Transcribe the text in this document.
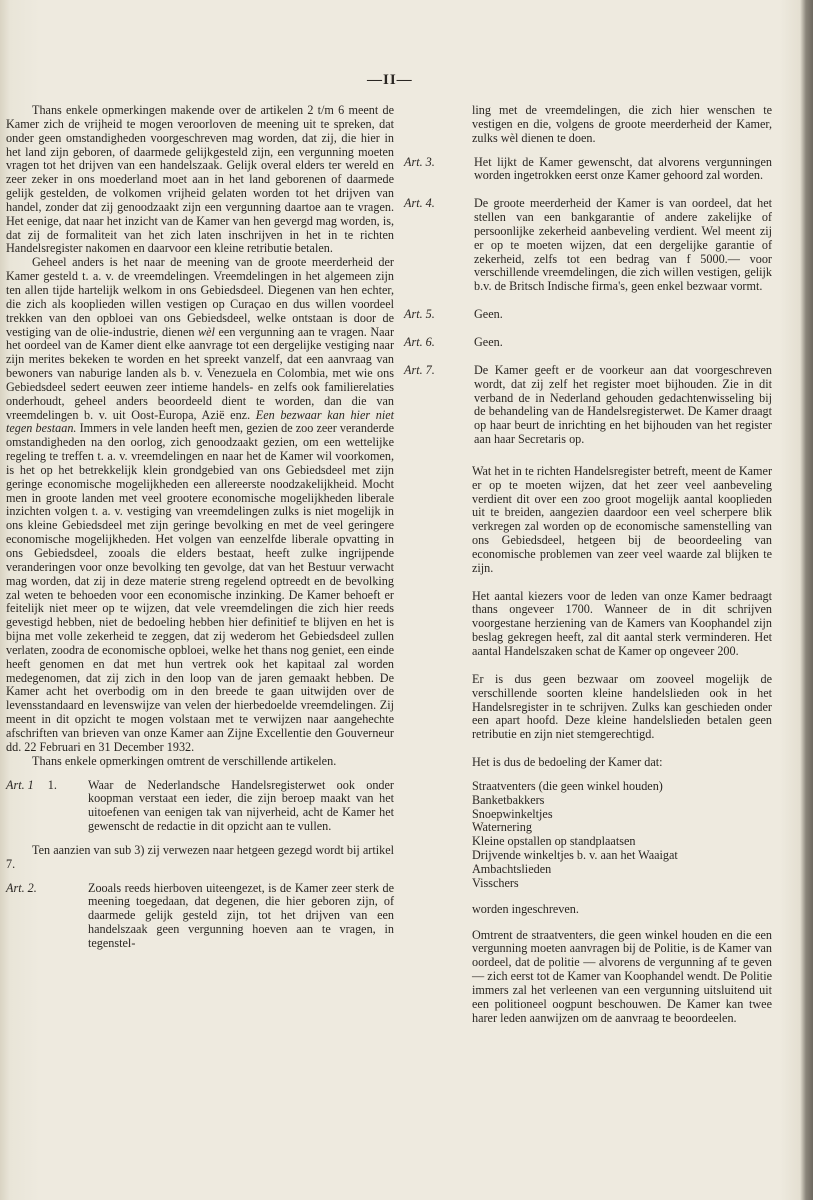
—II—

Thans enkele opmerkingen makende over de artikelen 2 t/m 6 meent de Kamer zich de vrijheid te mogen veroorloven de meening uit te spreken, dat onder geen omstandigheden voorgeschreven mag worden, dat zij, die hier in het land zijn geboren, of daarmede gelijkgesteld zijn, een vergunning moeten vragen tot het drijven van een handelszaak. Gelijk overal elders ter wereld en zeer zeker in ons moederland moet aan in het land geborenen of daarmede gelijk gestelden, de volkomen vrijheid gelaten worden tot het drijven van handel, zonder dat zij genoodzaakt zijn een vergunning daartoe aan te vragen. Het eenige, dat naar het inzicht van de Kamer van hen gevergd mag worden, is, dat zij de formaliteit van het zich laten inschrijven in het in te richten Handelsregister nakomen en daarvoor een kleine retributie betalen.

Geheel anders is het naar de meening van de groote meerderheid der Kamer gesteld t. a. v. de vreemdelingen. Vreemdelingen in het algemeen zijn ten allen tijde hartelijk welkom in ons Gebiedsdeel. Diegenen van hen echter, die zich als kooplieden willen vestigen op Curaçao en dus willen voordeel trekken van den opbloei van ons Gebiedsdeel, welke ontstaan is door de vestiging van de olie-industrie, dienen wèl een vergunning aan te vragen. Naar het oordeel van de Kamer dient elke aanvrage tot een dergelijke vestiging naar zijn merites bekeken te worden en het spreekt vanzelf, dat een aanvraag van bewoners van naburige landen als b. v. Venezuela en Colombia, met wie ons Gebiedsdeel sedert eeuwen zeer intieme handels- en zelfs ook familierelaties onderhoudt, geheel anders beoordeeld dient te worden, dan die van vreemdelingen b. v. uit Oost-Europa, Azië enz. Een bezwaar kan hier niet tegen bestaan. Immers in vele landen heeft men, gezien de zoo zeer veranderde omstandigheden na den oorlog, zich genoodzaakt gezien, om een wettelijke regeling te treffen t. a. v. vreemdelingen en naar het de Kamer wil voorkomen, is het op het betrekkelijk klein grondgebied van ons Gebiedsdeel met zijn geringe economische mogelijkheden een allereerste noodzakelijkheid. Mocht men in groote landen met veel grootere economische mogelijkheden liberale inzichten volgen t. a. v. vestiging van vreemdelingen zulks is niet mogelijk in ons kleine Gebiedsdeel met zijn geringe bevolking en met de veel geringere economische mogelijkheden. Het volgen van eenzelfde liberale opvatting in ons Gebiedsdeel, zooals die elders bestaat, heeft zulke ingrijpende veranderingen voor onze bevolking ten gevolge, dat van het Bestuur verwacht mag worden, dat zij in deze materie streng regelend optreedt en de bevolking zal weten te behoeden voor een economische inzinking. De Kamer behoeft er feitelijk niet meer op te wijzen, dat vele vreemdelingen die zich hier reeds gevestigd hebben, niet de bedoeling hebben hier definitief te blijven en het is bijna met volle zekerheid te zeggen, dat zij wederom het Gebiedsdeel zullen verlaten, zoodra de economische opbloei, welke het thans nog geniet, een einde heeft genomen en dat met hun vertrek ook het kapitaal zal worden medegenomen, dat zij zich in den loop van de jaren gemaakt hebben. De Kamer acht het overbodig om in den breede te gaan uitwijden over de levensstandaard en levenswijze van velen der hierbedoelde vreemdelingen. Zij meent in dit opzicht te mogen volstaan met te verwijzen naar aangehechte afschriften van brieven van onze Kamer aan Zijne Excellentie den Gouverneur dd. 22 Februari en 31 December 1932.

Thans enkele opmerkingen omtrent de verschillende artikelen.

Art. 1 1.	Waar de Nederlandsche Handelsregisterwet ook onder koopman verstaat een ieder, die zijn beroep maakt van het uitoefenen van eenigen tak van nijverheid, acht de Kamer het gewenscht de redactie in dit opzicht aan te vullen.

Ten aanzien van sub 3) zij verwezen naar hetgeen gezegd wordt bij artikel 7.

Art. 2.	Zooals reeds hierboven uiteengezet, is de Kamer zeer sterk de meening toegedaan, dat degenen, die hier geboren zijn, of daarmede gelijk gesteld zijn, tot het drijven van een handelszaak geen vergunning hoeven aan te vragen, in tegenstel-

ling met de vreemdelingen, die zich hier wenschen te vestigen en die, volgens de groote meerderheid der Kamer, zulks wèl dienen te doen.

Art. 3.	Het lijkt de Kamer gewenscht, dat alvorens vergunningen worden ingetrokken eerst onze Kamer gehoord zal worden.
Art. 4.	De groote meerderheid der Kamer is van oordeel, dat het stellen van een bankgarantie of andere zakelijke of persoonlijke zekerheid aanbeveling verdient. Wel meent zij er op te moeten wijzen, dat een dergelijke garantie of zekerheid, zelfs tot een bedrag van f 5000.— voor verschillende vreemdelingen, die zich willen vestigen, gelijk b.v. de Britsch Indische firma's, geen enkel bezwaar vormt.
Art. 5.	Geen.
Art. 6.	Geen.
Art. 7.	De Kamer geeft er de voorkeur aan dat voorgeschreven wordt, dat zij zelf het register moet bijhouden. Zie in dit verband de in Nederland gehouden gedachtenwisseling bij de behandeling van de Handelsregisterwet. De Kamer draagt op haar beurt de inrichting en het bijhouden van het register aan haar Secretaris op.

Wat het in te richten Handelsregister betreft, meent de Kamer er op te moeten wijzen, dat het zeer veel aanbeveling verdient dit over een zoo groot mogelijk aantal kooplieden uit te breiden, aangezien daardoor een veel scherpere blik verkregen zal worden op de economische samenstelling van ons Gebiedsdeel, hetgeen bij de beoordeeling van economische problemen van zeer veel waarde zal blijken te zijn.

Het aantal kiezers voor de leden van onze Kamer bedraagt thans ongeveer 1700. Wanneer de in dit schrijven voorgestane herziening van de Kamers van Koophandel zijn beslag gekregen heeft, zal dit aantal sterk verminderen. Het aantal Handelszaken schat de Kamer op ongeveer 200.

Er is dus geen bezwaar om zooveel mogelijk de verschillende soorten kleine handelslieden ook in het Handelsregister in te schrijven. Zulks kan geschieden onder een apart hoofd. Deze kleine handelslieden betalen geen retributie en zijn niet stemgerechtigd.

Het is dus de bedoeling der Kamer dat:

Straatventers (die geen winkel houden)

Banketbakkers

Snoepwinkeltjes

Waternering

Kleine opstallen op standplaatsen

Drijvende winkeltjes b. v. aan het Waaigat

Ambachtslieden

Visschers

worden ingeschreven.

Omtrent de straatventers, die geen winkel houden en die een vergunning moeten aanvragen bij de Politie, is de Kamer van oordeel, dat de politie — alvorens de vergunning af te geven — zich eerst tot de Kamer van Koophandel wendt. De Politie immers zal het verleenen van een vergunning uitsluitend uit een politioneel oogpunt beschouwen. De Kamer kan twee harer leden aanwijzen om de aanvraag te beoordeelen.
